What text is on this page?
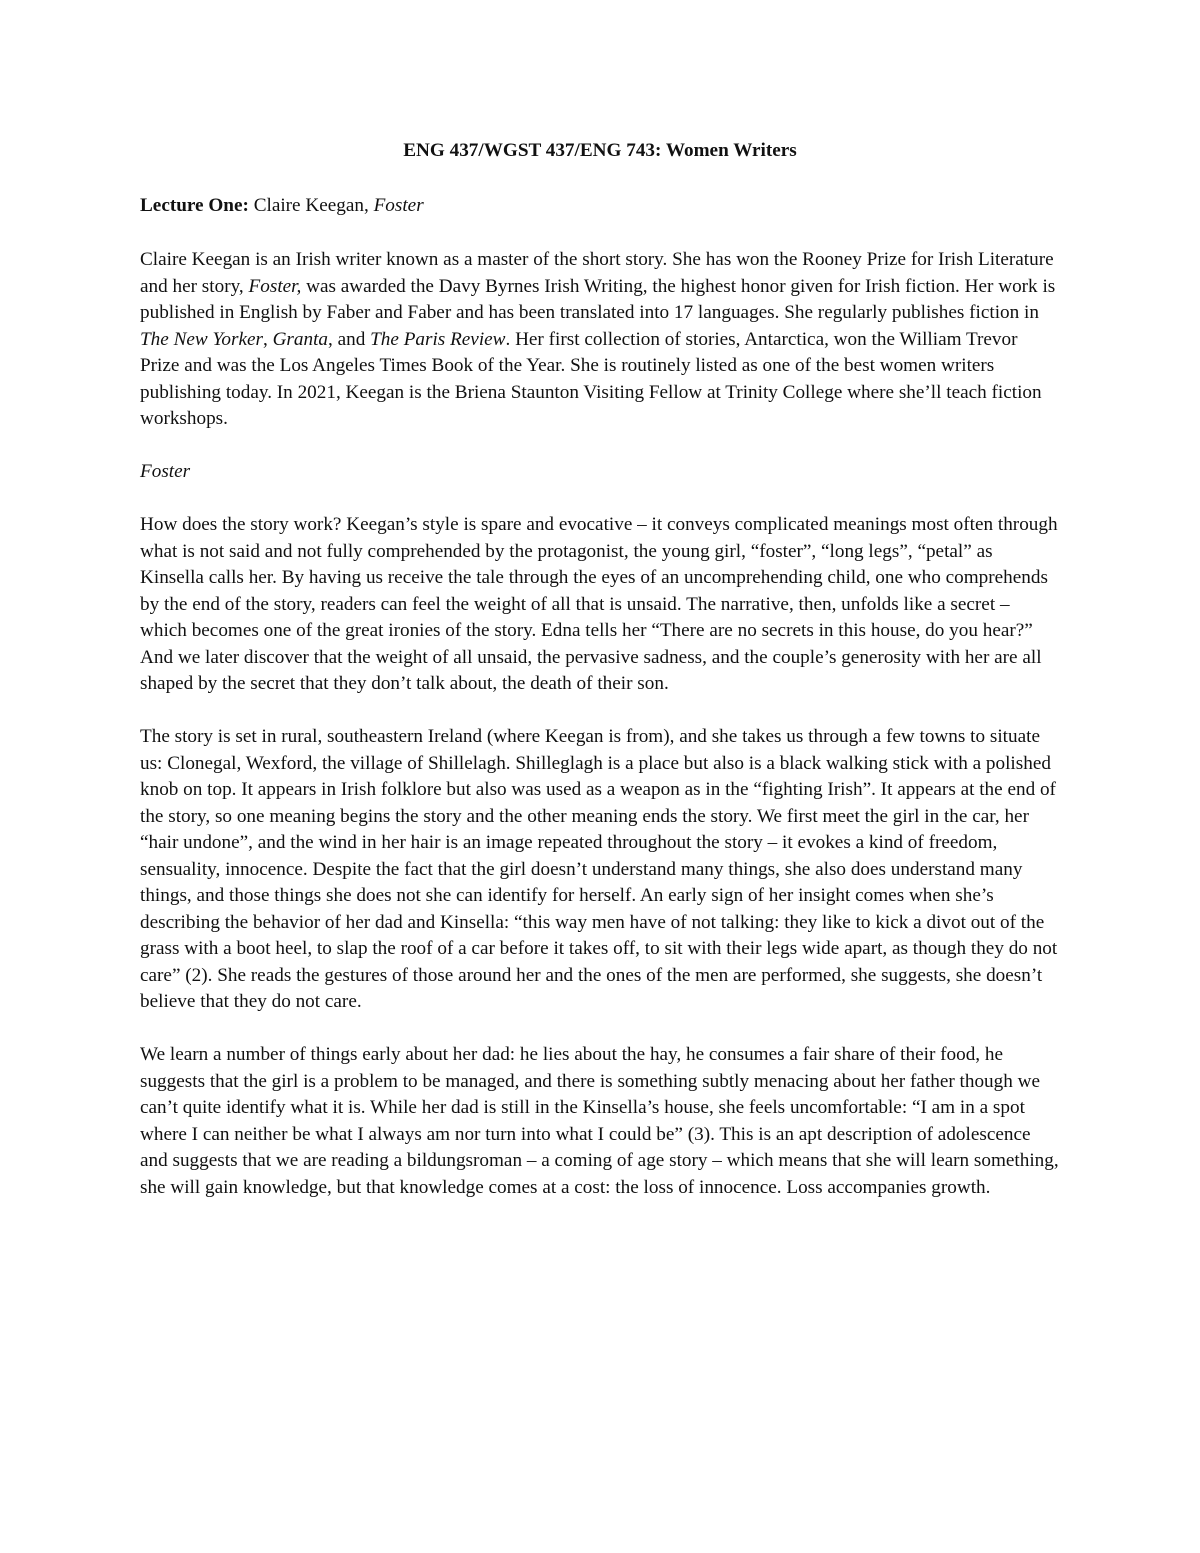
ENG 437/WGST 437/ENG 743: Women Writers
Lecture One: Claire Keegan, Foster

Claire Keegan is an Irish writer known as a master of the short story. She has won the Rooney Prize for Irish Literature and her story, Foster, was awarded the Davy Byrnes Irish Writing, the highest honor given for Irish fiction. Her work is published in English by Faber and Faber and has been translated into 17 languages. She regularly publishes fiction in The New Yorker, Granta, and The Paris Review. Her first collection of stories, Antarctica, won the William Trevor Prize and was the Los Angeles Times Book of the Year. She is routinely listed as one of the best women writers publishing today. In 2021, Keegan is the Briena Staunton Visiting Fellow at Trinity College where she’ll teach fiction workshops.

Foster

How does the story work? Keegan’s style is spare and evocative – it conveys complicated meanings most often through what is not said and not fully comprehended by the protagonist, the young girl, “foster”, “long legs”, “petal” as Kinsella calls her. By having us receive the tale through the eyes of an uncomprehending child, one who comprehends by the end of the story, readers can feel the weight of all that is unsaid. The narrative, then, unfolds like a secret – which becomes one of the great ironies of the story. Edna tells her “There are no secrets in this house, do you hear?” And we later discover that the weight of all unsaid, the pervasive sadness, and the couple’s generosity with her are all shaped by the secret that they don’t talk about, the death of their son.

The story is set in rural, southeastern Ireland (where Keegan is from), and she takes us through a few towns to situate us: Clonegal, Wexford, the village of Shillelagh. Shilleglagh is a place but also is a black walking stick with a polished knob on top. It appears in Irish folklore but also was used as a weapon as in the “fighting Irish”. It appears at the end of the story, so one meaning begins the story and the other meaning ends the story. We first meet the girl in the car, her “hair undone”, and the wind in her hair is an image repeated throughout the story – it evokes a kind of freedom, sensuality, innocence. Despite the fact that the girl doesn’t understand many things, she also does understand many things, and those things she does not she can identify for herself. An early sign of her insight comes when she’s describing the behavior of her dad and Kinsella: “this way men have of not talking: they like to kick a divot out of the grass with a boot heel, to slap the roof of a car before it takes off, to sit with their legs wide apart, as though they do not care” (2). She reads the gestures of those around her and the ones of the men are performed, she suggests, she doesn’t believe that they do not care.

We learn a number of things early about her dad: he lies about the hay, he consumes a fair share of their food, he suggests that the girl is a problem to be managed, and there is something subtly menacing about her father though we can’t quite identify what it is. While her dad is still in the Kinsella’s house, she feels uncomfortable: “I am in a spot where I can neither be what I always am nor turn into what I could be” (3). This is an apt description of adolescence and suggests that we are reading a bildungsroman – a coming of age story – which means that she will learn something, she will gain knowledge, but that knowledge comes at a cost: the loss of innocence. Loss accompanies growth.
